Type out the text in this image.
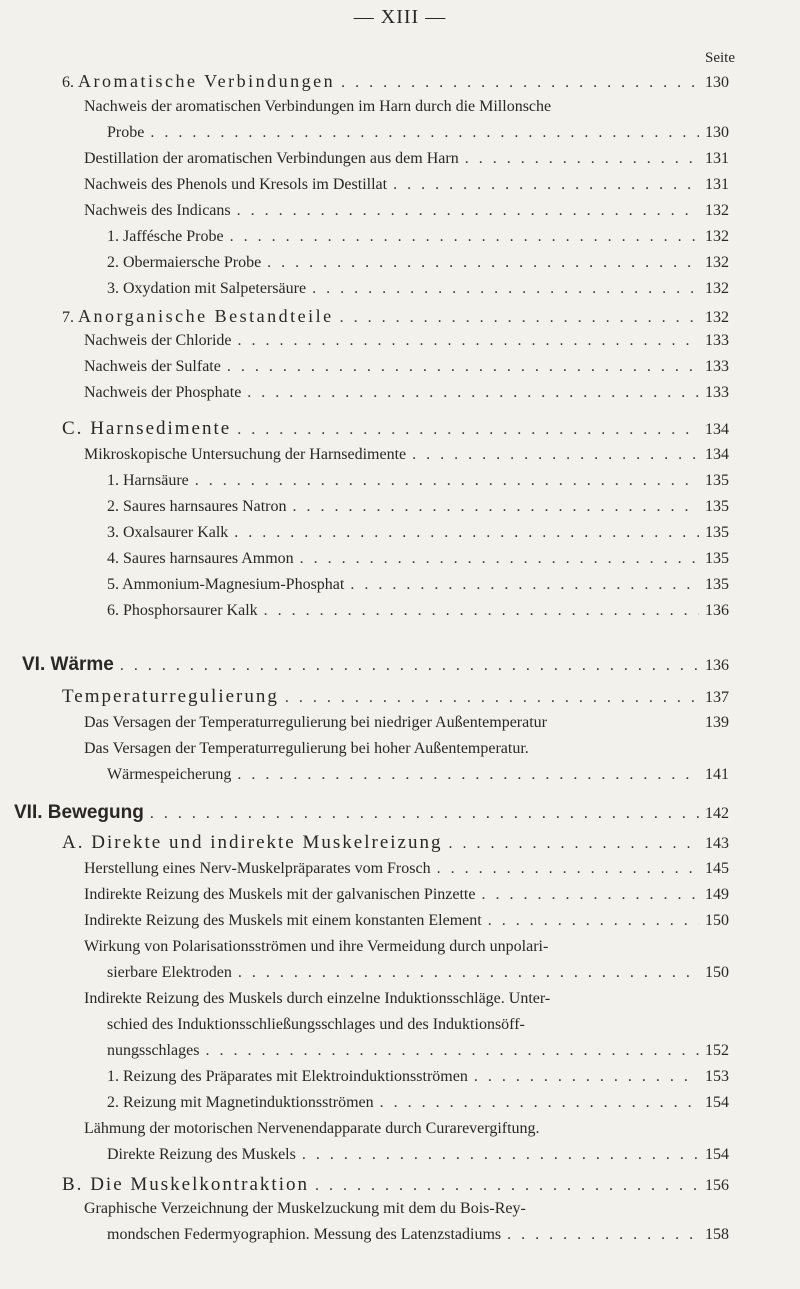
— XIII —
Seite
6. Aromatische Verbindungen . . .	130
Nachweis der aromatischen Verbindungen im Harn durch die Millonsche
Probe . . .	130
Destillation der aromatischen Verbindungen aus dem Harn . . .	131
Nachweis des Phenols und Kresols im Destillat . . .	131
Nachweis des Indicans . . .	132
1. Jaffésche Probe . . .	132
2. Obermaiersche Probe . . .	132
3. Oxydation mit Salpetersäure . . .	132
7. Anorganische Bestandteile . . .	132
Nachweis der Chloride . . .	133
Nachweis der Sulfate . . .	133
Nachweis der Phosphate . . .	133
C. Harnsedimente . . .	134
Mikroskopische Untersuchung der Harnsedimente . . .	134
1. Harnsäure . . .	135
2. Saures harnsaures Natron . . .	135
3. Oxalsaurer Kalk . . .	135
4. Saures harnsaures Ammon . . .	135
5. Ammonium-Magnesium-Phosphat . . .	135
6. Phosphorsaurer Kalk . . .	136
VI. Wärme . . .	136
Temperaturregulierung . . .	137
Das Versagen der Temperaturregulierung bei niedriger Außentemperatur	139
Das Versagen der Temperaturregulierung bei hoher Außentemperatur.
Wärmespeicherung . . .	141
VII. Bewegung . . .	142
A. Direkte und indirekte Muskelreizung . . .	143
Herstellung eines Nerv-Muskelpräparates vom Frosch . . .	145
Indirekte Reizung des Muskels mit der galvanischen Pinzette . . .	149
Indirekte Reizung des Muskels mit einem konstanten Element . . .	150
Wirkung von Polarisationsströmen und ihre Vermeidung durch unpolari-
sierbare Elektroden . . .	150
Indirekte Reizung des Muskels durch einzelne Induktionsschläge. Unter-
schied des Induktionsschließungsschlages und des Induktionsöff-
nungsschlages . . .	152
1. Reizung des Präparates mit Elektroinduktionsströmen . . .	153
2. Reizung mit Magnetinduktionsströmen . . .	154
Lähmung der motorischen Nervenendapparate durch Curarevergiftung.
Direkte Reizung des Muskels . . .	154
B. Die Muskelkontraktion . . .	156
Graphische Verzeichnung der Muskelzuckung mit dem du Bois-Rey-
mondschen Federmyographion. Messung des Latenzstadiums . . .	158
